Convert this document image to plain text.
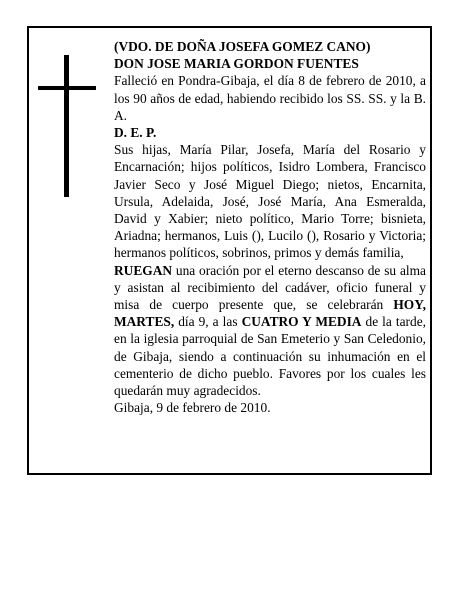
(VDO. DE DOÑA JOSEFA GOMEZ CANO)

DON JOSE MARIA GORDON FUENTES

Falleció en Pondra-Gibaja, el día 8 de febrero de 2010, a los 90 años de edad, habiendo recibido los SS. SS. y la B. A.

D. E. P.

Sus hijas, María Pilar, Josefa, María del Rosario y Encarnación; hijos políticos, Isidro Lombera, Francisco Javier Seco y José Miguel Diego; nietos, Encarnita, Ursula, Adelaida, José, José María, Ana Esmeralda, David y Xabier; nieto político, Mario Torre; bisnieta, Ariadna; hermanos, Luis (), Lucilo (), Rosario y Victoria; hermanos políticos, sobrinos, primos y demás familia,

RUEGAN una oración por el eterno descanso de su alma y asistan al recibimiento del cadáver, oficio funeral y misa de cuerpo presente que, se celebrarán HOY, MARTES, día 9, a las CUATRO Y MEDIA de la tarde, en la iglesia parroquial de San Emeterio y San Celedonio, de Gibaja, siendo a continuación su inhumación en el cementerio de dicho pueblo. Favores por los cuales les quedarán muy agradecidos.

Gibaja, 9 de febrero de 2010.
